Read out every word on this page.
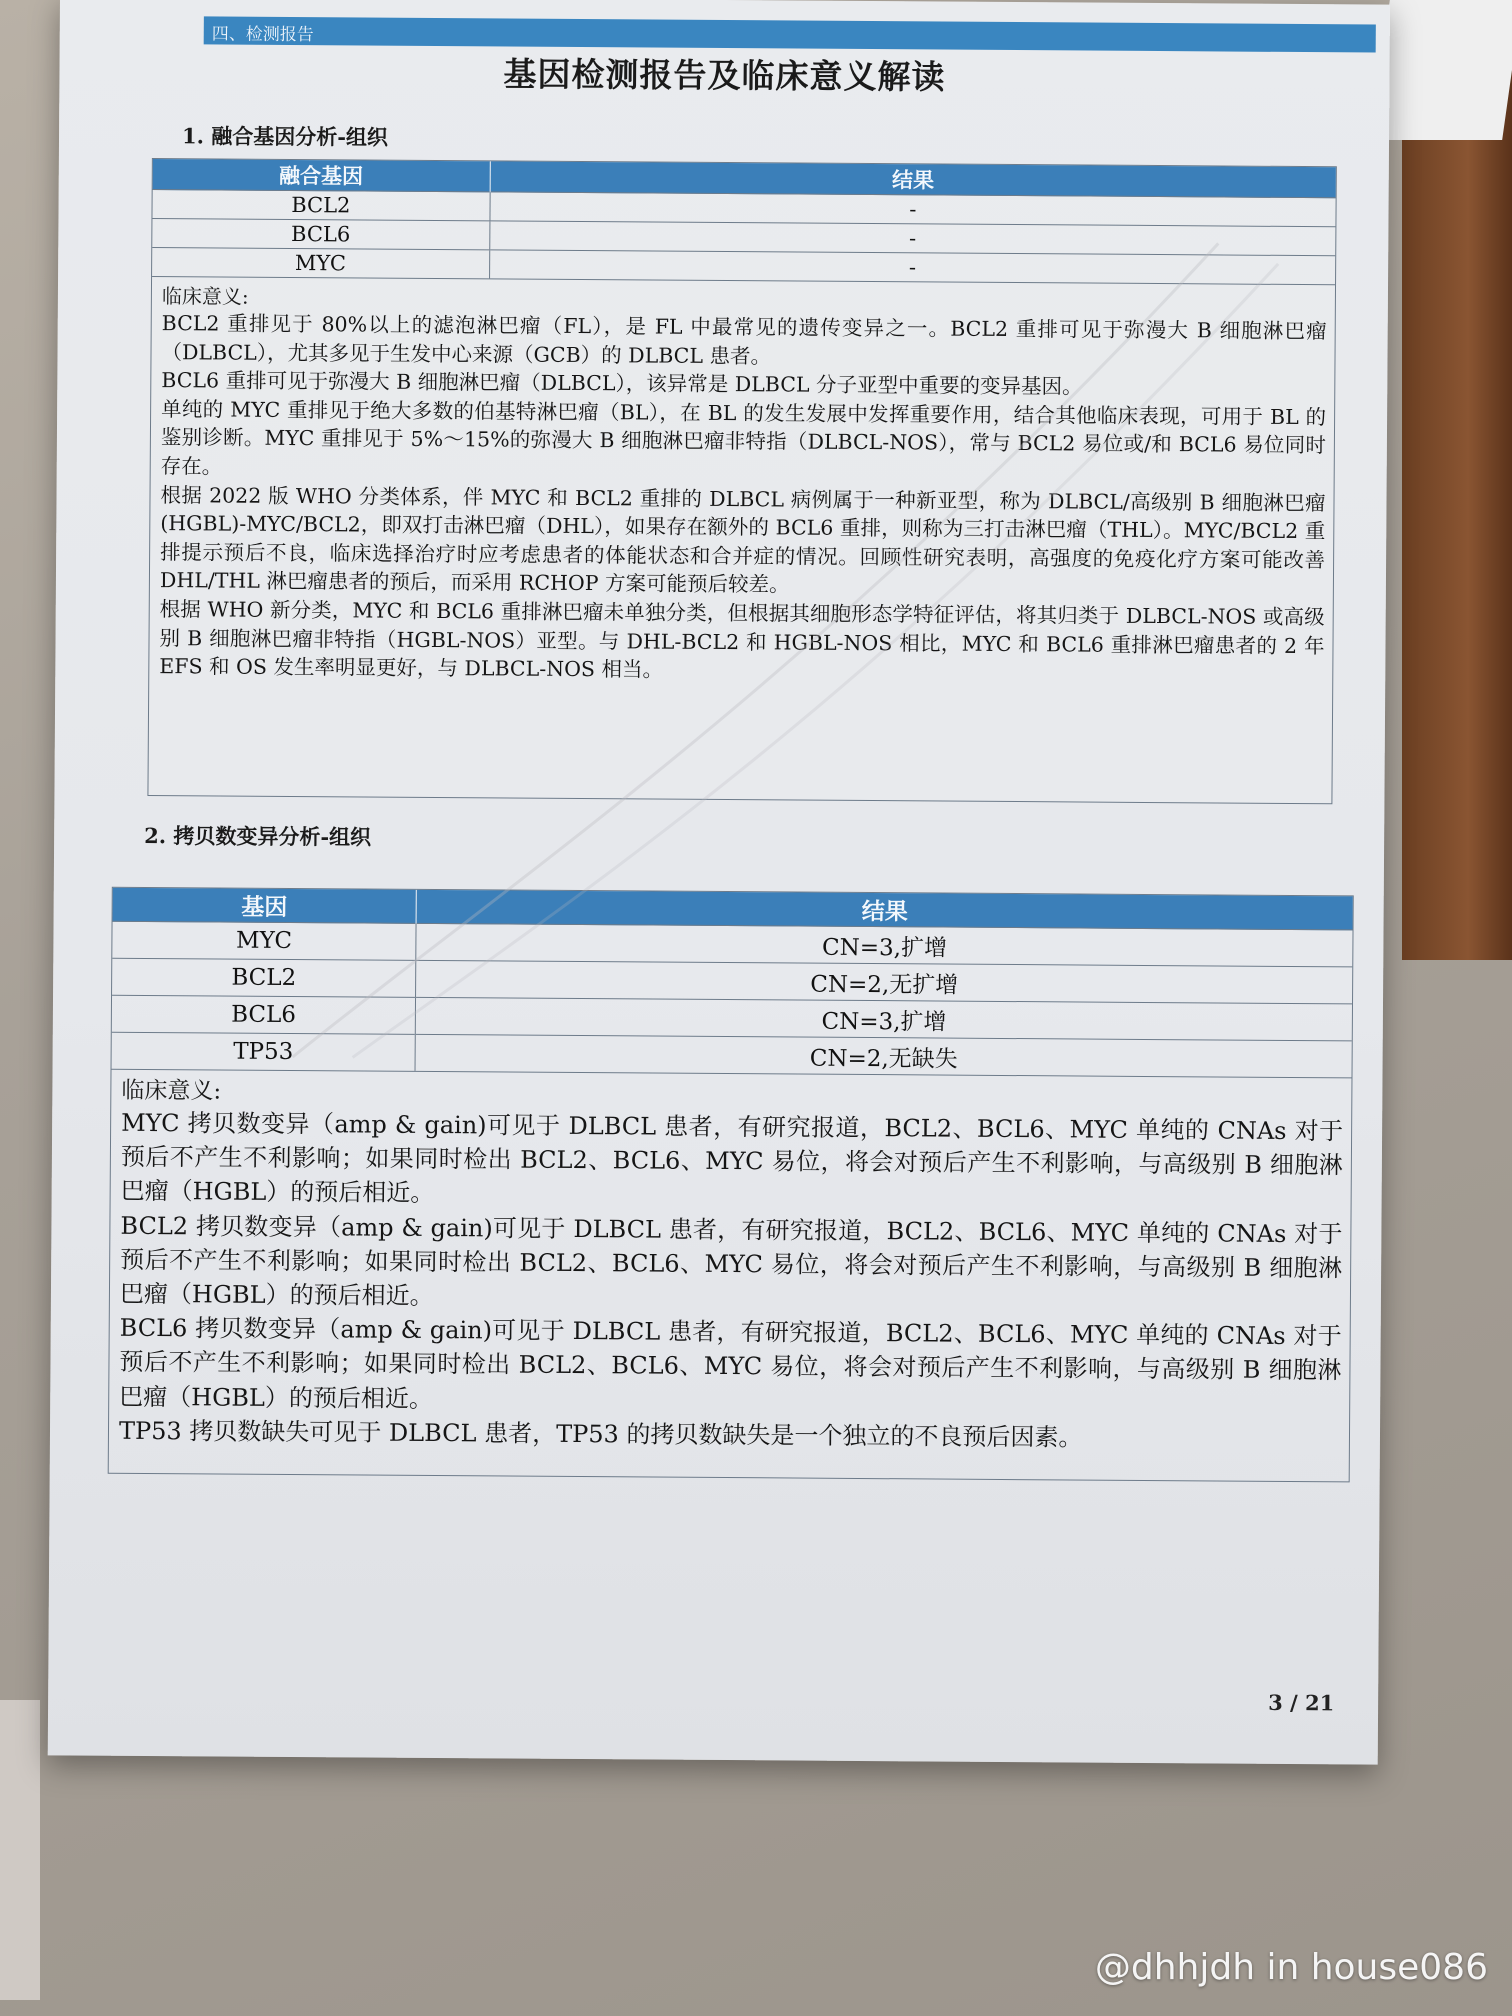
四、检测报告
基因检测报告及临床意义解读
1. 融合基因分析-组织
融合基因	结果
BCL2	-
BCL6	-
MYC	-
临床意义:
BCL2 重排见于 80%以上的滤泡淋巴瘤（FL），是 FL 中最常见的遗传变异之一。BCL2 重排可见于弥漫大 B 细胞淋巴瘤（DLBCL），尤其多见于生发中心来源（GCB）的 DLBCL 患者。
BCL6 重排可见于弥漫大 B 细胞淋巴瘤（DLBCL），该异常是 DLBCL 分子亚型中重要的变异基因。
单纯的 MYC 重排见于绝大多数的伯基特淋巴瘤（BL），在 BL 的发生发展中发挥重要作用，结合其他临床表现，可用于 BL 的鉴别诊断。MYC 重排见于 5%～15%的弥漫大 B 细胞淋巴瘤非特指（DLBCL-NOS），常与 BCL2 易位或/和 BCL6 易位同时存在。
根据 2022 版 WHO 分类体系，伴 MYC 和 BCL2 重排的 DLBCL 病例属于一种新亚型，称为 DLBCL/高级别 B 细胞淋巴瘤(HGBL)-MYC/BCL2，即双打击淋巴瘤（DHL），如果存在额外的 BCL6 重排，则称为三打击淋巴瘤（THL）。MYC/BCL2 重排提示预后不良，临床选择治疗时应考虑患者的体能状态和合并症的情况。回顾性研究表明，高强度的免疫化疗方案可能改善 DHL/THL 淋巴瘤患者的预后，而采用 RCHOP 方案可能预后较差。
根据 WHO 新分类，MYC 和 BCL6 重排淋巴瘤未单独分类，但根据其细胞形态学特征评估，将其归类于 DLBCL-NOS 或高级别 B 细胞淋巴瘤非特指（HGBL-NOS）亚型。与 DHL-BCL2 和 HGBL-NOS 相比，MYC 和 BCL6 重排淋巴瘤患者的 2 年 EFS 和 OS 发生率明显更好，与 DLBCL-NOS 相当。
2. 拷贝数变异分析-组织
基因	结果
MYC	CN=3,扩增
BCL2	CN=2,无扩增
BCL6	CN=3,扩增
TP53	CN=2,无缺失
临床意义:
MYC 拷贝数变异（amp & gain)可见于 DLBCL 患者，有研究报道，BCL2、BCL6、MYC 单纯的 CNAs 对于预后不产生不利影响；如果同时检出 BCL2、BCL6、MYC 易位，将会对预后产生不利影响，与高级别 B 细胞淋巴瘤（HGBL）的预后相近。
BCL2 拷贝数变异（amp & gain)可见于 DLBCL 患者，有研究报道，BCL2、BCL6、MYC 单纯的 CNAs 对于预后不产生不利影响；如果同时检出 BCL2、BCL6、MYC 易位，将会对预后产生不利影响，与高级别 B 细胞淋巴瘤（HGBL）的预后相近。
BCL6 拷贝数变异（amp & gain)可见于 DLBCL 患者，有研究报道，BCL2、BCL6、MYC 单纯的 CNAs 对于预后不产生不利影响；如果同时检出 BCL2、BCL6、MYC 易位，将会对预后产生不利影响，与高级别 B 细胞淋巴瘤（HGBL）的预后相近。
TP53 拷贝数缺失可见于 DLBCL 患者，TP53 的拷贝数缺失是一个独立的不良预后因素。
3 / 21
@dhhjdh in house086
